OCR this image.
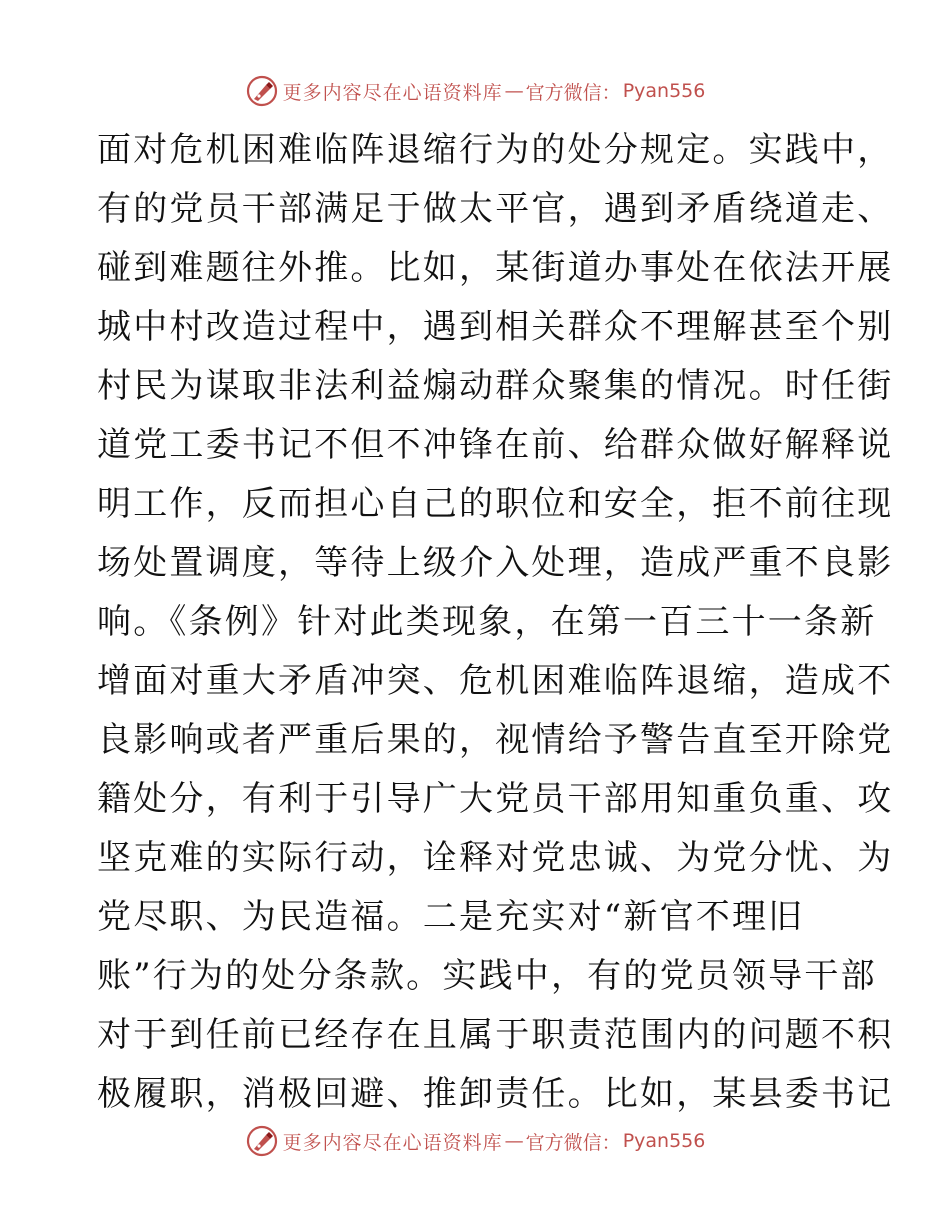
更多内容尽在心语资料库 — 官方微信： Pyan556
面对危机困难临阵退缩行为的处分规定。实践中，
有的党员干部满足于做太平官，遇到矛盾绕道走、
碰到难题往外推。比如，某街道办事处在依法开展
城中村改造过程中，遇到相关群众不理解甚至个别
村民为谋取非法利益煽动群众聚集的情况。时任街
道党工委书记不但不冲锋在前、给群众做好解释说
明工作，反而担心自己的职位和安全，拒不前往现
场处置调度，等待上级介入处理，造成严重不良影
响。《条例》针对此类现象，在第一百三十一条新
增面对重大矛盾冲突、危机困难临阵退缩，造成不
良影响或者严重后果的，视情给予警告直至开除党
籍处分，有利于引导广大党员干部用知重负重、攻
坚克难的实际行动，诠释对党忠诚、为党分忧、为
党尽职、为民造福。二是充实对“新官不理旧
账”行为的处分条款。实践中，有的党员领导干部
对于到任前已经存在且属于职责范围内的问题不积
极履职，消极回避、推卸责任。比如，某县委书记
更多内容尽在心语资料库 — 官方微信： Pyan556
